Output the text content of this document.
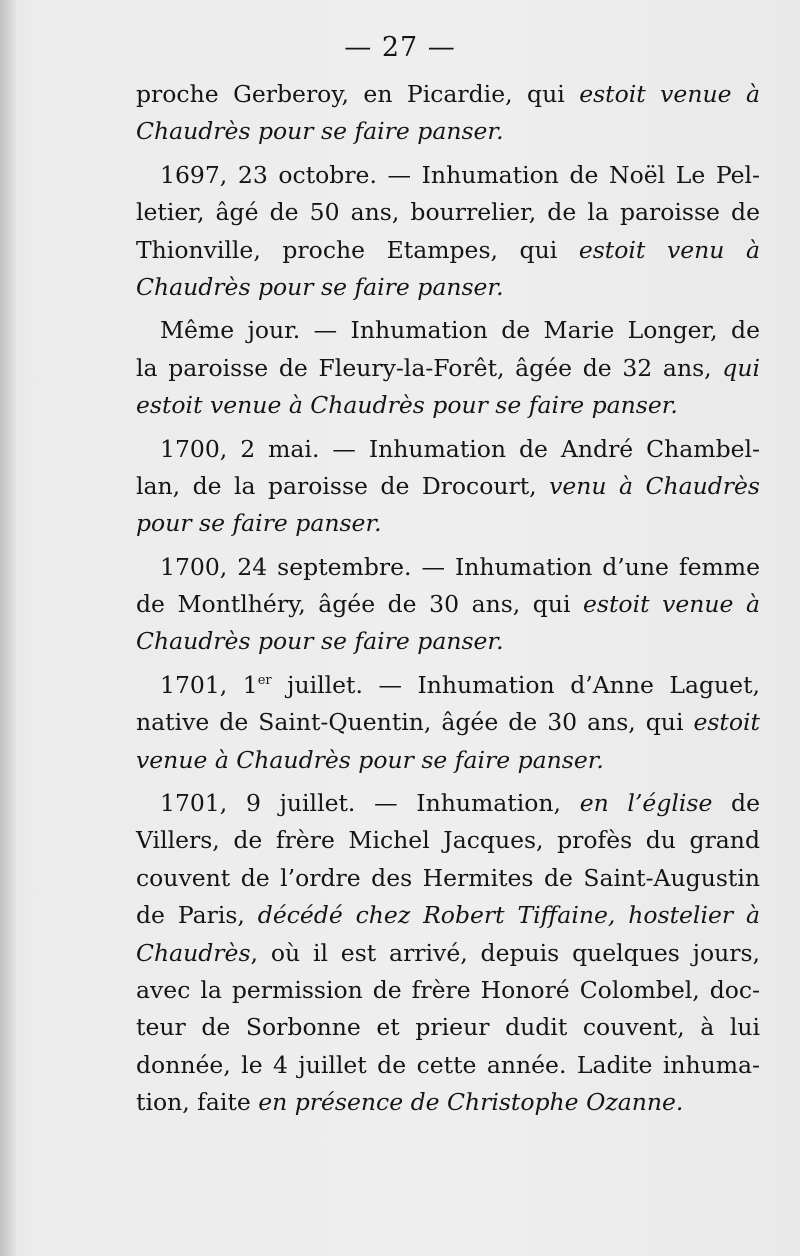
— 27 —
proche Gerberoy, en Picardie, qui estoit venue à
Chaudrès pour se faire panser.
1697, 23 octobre. — Inhumation de Noël Le Pel-
letier, âgé de 50 ans, bourrelier, de la paroisse de
Thionville, proche Etampes, qui estoit venu à
Chaudrès pour se faire panser.
Même jour. — Inhumation de Marie Longer, de
la paroisse de Fleury-la-Forêt, âgée de 32 ans, qui
estoit venue à Chaudrès pour se faire panser.
1700, 2 mai. — Inhumation de André Chambel-
lan, de la paroisse de Drocourt, venu à Chaudrès
pour se faire panser.
1700, 24 septembre. — Inhumation d’une femme
de Montlhéry, âgée de 30 ans, qui estoit venue à
Chaudrès pour se faire panser.
1701, 1er juillet. — Inhumation d’Anne Laguet,
native de Saint-Quentin, âgée de 30 ans, qui estoit
venue à Chaudrès pour se faire panser.
1701, 9 juillet. — Inhumation, en l’église de
Villers, de frère Michel Jacques, profès du grand
couvent de l’ordre des Hermites de Saint-Augustin
de Paris, décédé chez Robert Tiffaine, hostelier à
Chaudrès, où il est arrivé, depuis quelques jours,
avec la permission de frère Honoré Colombel, doc-
teur de Sorbonne et prieur dudit couvent, à lui
donnée, le 4 juillet de cette année. Ladite inhuma-
tion, faite en présence de Christophe Ozanne.
